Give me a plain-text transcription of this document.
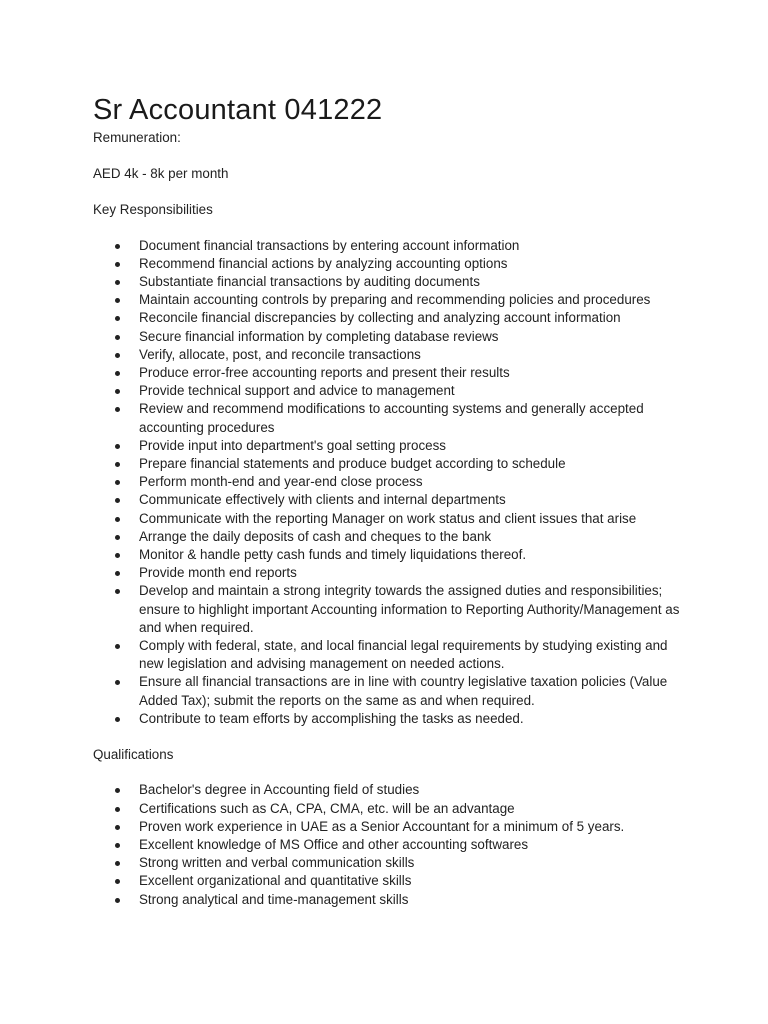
Sr Accountant 041222

Remuneration:

AED 4k - 8k per month

Key Responsibilities

Document financial transactions by entering account information
Recommend financial actions by analyzing accounting options
Substantiate financial transactions by auditing documents
Maintain accounting controls by preparing and recommending policies and procedures
Reconcile financial discrepancies by collecting and analyzing account information
Secure financial information by completing database reviews
Verify, allocate, post, and reconcile transactions
Produce error-free accounting reports and present their results
Provide technical support and advice to management
Review and recommend modifications to accounting systems and generally accepted accounting procedures
Provide input into department's goal setting process
Prepare financial statements and produce budget according to schedule
Perform month-end and year-end close process
Communicate effectively with clients and internal departments
Communicate with the reporting Manager on work status and client issues that arise
Arrange the daily deposits of cash and cheques to the bank
Monitor & handle petty cash funds and timely liquidations thereof.
Provide month end reports
Develop and maintain a strong integrity towards the assigned duties and responsibilities; ensure to highlight important Accounting information to Reporting Authority/Management as and when required.
Comply with federal, state, and local financial legal requirements by studying existing and new legislation and advising management on needed actions.
Ensure all financial transactions are in line with country legislative taxation policies (Value Added Tax); submit the reports on the same as and when required.
Contribute to team efforts by accomplishing the tasks as needed.

Qualifications

Bachelor's degree in Accounting field of studies
Certifications such as CA, CPA, CMA, etc. will be an advantage
Proven work experience in UAE as a Senior Accountant for a minimum of 5 years.
Excellent knowledge of MS Office and other accounting softwares
Strong written and verbal communication skills
Excellent organizational and quantitative skills
Strong analytical and time-management skills
